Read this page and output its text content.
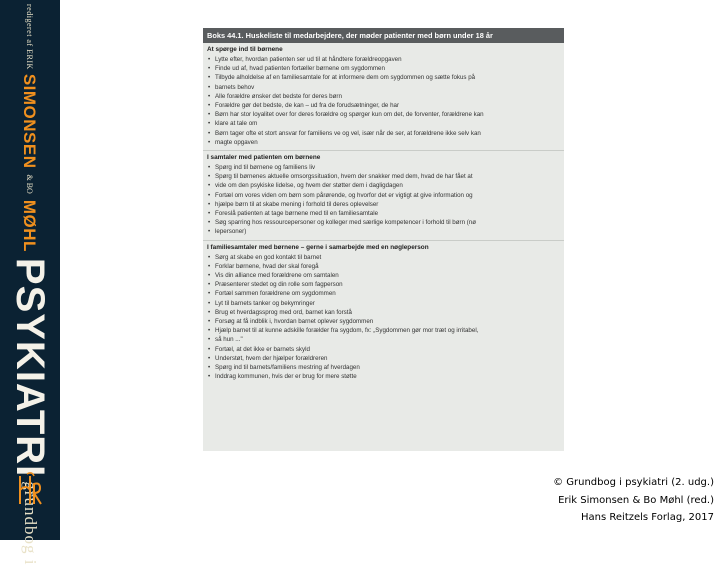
redigeret af ERIK
SIMONSEN
& BO
MØHL
PSYKIATRI
grundbog i
Boks 44.1. Huskeliste til medarbejdere, der møder patienter med børn under 18 år
At spørge ind til børnene
• Lytte efter, hvordan patienten ser ud til at håndtere forældreopgaven
• Finde ud af, hvad patienten fortæller børnene om sygdommen
• Tilbyde alholdelse af en familiesamtale for at informere dem om sygdommen og sætte fokus på
• barnets behov
• Alle forældre ønsker det bedste for deres børn
• Forældre gør det bedste, de kan – ud fra de forudsætninger, de har
• Børn har stor loyalitet over for deres forældre og spørger kun om det, de forventer, forældrene kan
• klare at tale om
• Børn tager ofte et stort ansvar for familiens ve og vel, især når de ser, at forældrene ikke selv kan
• magte opgaven
I samtaler med patienten om børnene
• Spørg ind til børnene og familiens liv
• Spørg til børnenes aktuelle omsorgssituation, hvem der snakker med dem, hvad de har fået at
• vide om den psykiske lidelse, og hvem der støtter dem i dagligdagen
• Fortæl om vores viden om børn som pårørende, og hvorfor det er vigtigt at give information og
• hjælpe børn til at skabe mening i forhold til deres oplevelser
• Foreslå patienten at tage børnene med til en familiesamtale
• Søg sparring hos ressourcepersoner og kolleger med særlige kompetencer i forhold til børn (nø
• lepersoner)
I familiesamtaler med børnene – gerne i samarbejde med en nøgleperson
• Sørg at skabe en god kontakt til barnet
• Forklar børnene, hvad der skal foregå
• Vis din alliance med forældrene om samtalen
• Præsenterer stedet og din rolle som fagperson
• Fortæl sammen forældrene om sygdommen
• Lyt til barnets tanker og bekymringer
• Brug et hverdagssprog med ord, barnet kan forstå
• Forsøg at få indblik i, hvordan barnet oplever sygdommen
• Hjælp barnet til at kunne adskille forælder fra sygdom, fx: „Sygdommen gør mor træt og irritabel,
• så hun ..."
• Fortæl, at det ikke er barnets skyld
• Understøt, hvem der hjælper forældreren
• Spørg ind til barnets/familiens mestring af hverdagen
• Inddrag kommunen, hvis der er brug for mere støtte
© Grundbog i psykiatri (2. udg.)
Erik Simonsen & Bo Møhl (red.)
Hans Reitzels Forlag, 2017
